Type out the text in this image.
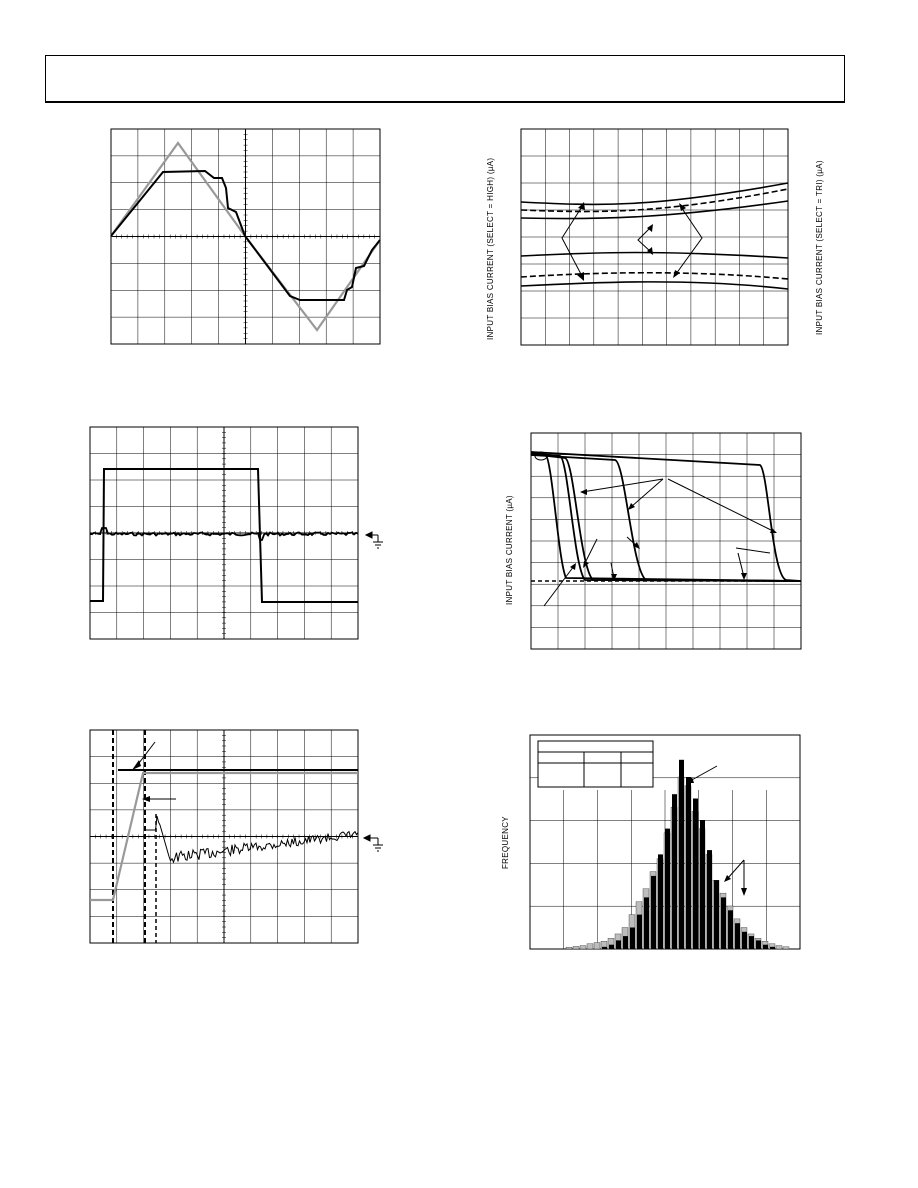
INPUT BIAS CURRENT (SELECT = HIGH) (µA)	INPUT BIAS CURRENT (SELECT = TRI) (µA)
INPUT BIAS CURRENT (µA)
FREQUENCY
